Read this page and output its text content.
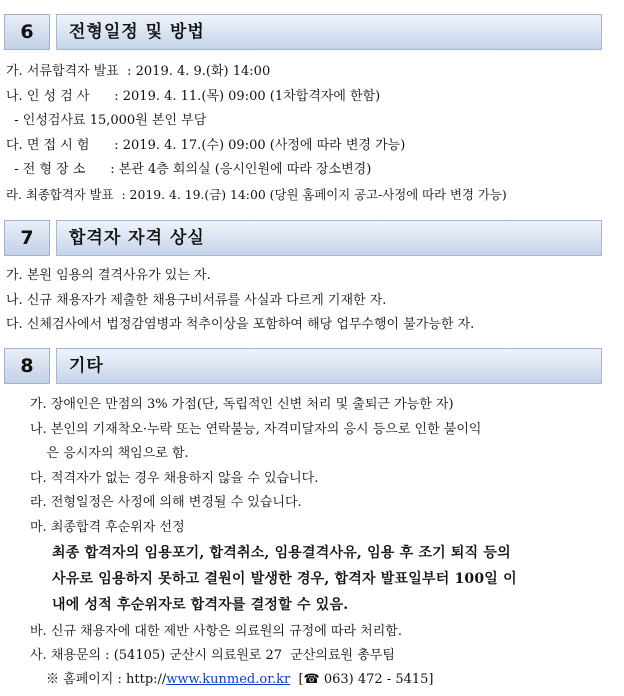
6	전형일정 및 방법
가. 서류합격자 발표  : 2019. 4. 9.(화) 14:00
나. 인 성 검 사      : 2019. 4. 11.(목) 09:00 (1차합격자에 한함)
- 인성검사료 15,000원 본인 부담
다. 면 접 시 험      : 2019. 4. 17.(수) 09:00 (사정에 따라 변경 가능)
- 전 형 장 소      : 본관 4층 회의실 (응시인원에 따라 장소변경)
라. 최종합격자 발표  : 2019. 4. 19.(금) 14:00 (당원 홈페이지 공고-사정에 따라 변경 가능)
7	합격자 자격 상실
가. 본원 임용의 결격사유가 있는 자.
나. 신규 채용자가 제출한 채용구비서류를 사실과 다르게 기재한 자.
다. 신체검사에서 법정감염병과 척추이상을 포함하여 해당 업무수행이 불가능한 자.
8	기타
가. 장애인은 만점의 3% 가점(단, 독립적인 신변 처리 및 출퇴근 가능한 자)
나. 본인의 기재착오·누락 또는 연락불능, 자격미달자의 응시 등으로 인한 불이익
은 응시자의 책임으로 함.
다. 적격자가 없는 경우 채용하지 않을 수 있습니다.
라. 전형일정은 사정에 의해 변경될 수 있습니다.
마. 최종합격 후순위자 선정
최종 합격자의 임용포기, 합격취소, 임용결격사유, 임용 후 조기 퇴직 등의
사유로 임용하지 못하고 결원이 발생한 경우, 합격자 발표일부터 100일 이
내에 성적 후순위자로 합격자를 결정할 수 있음.
바. 신규 채용자에 대한 제반 사항은 의료원의 규정에 따라 처리함.
사. 채용문의 : (54105) 군산시 의료원로 27  군산의료원 총무팀
※ 홈페이지 : http://www.kunmed.or.kr  [☎ 063) 472 - 5415]
